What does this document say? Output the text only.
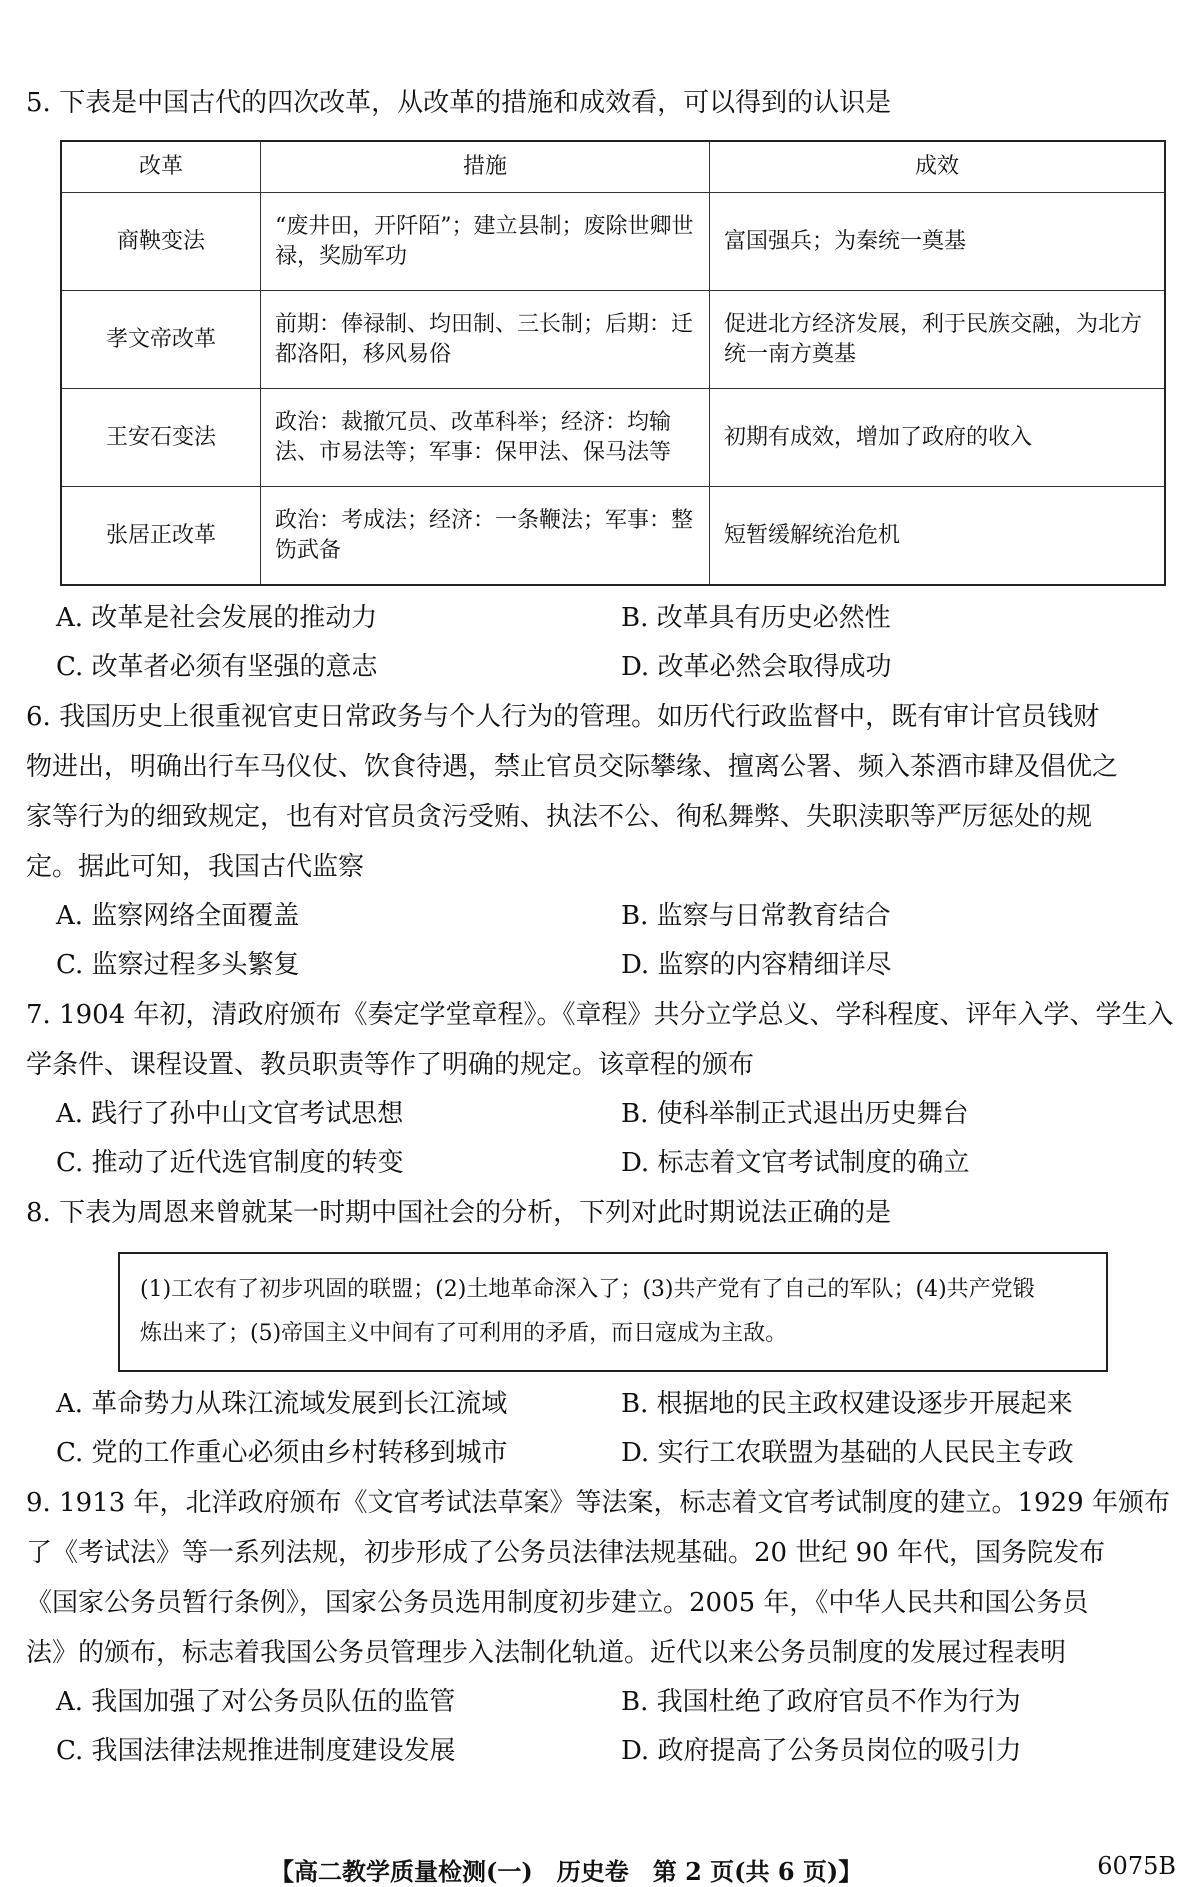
5. 下表是中国古代的四次改革，从改革的措施和成效看，可以得到的认识是

改革	措施	成效
商鞅变法	“废井田，开阡陌”；建立县制；废除世卿世禄，奖励军功	富国强兵；为秦统一奠基
孝文帝改革	前期：俸禄制、均田制、三长制；后期：迁都洛阳，移风易俗	促进北方经济发展，利于民族交融，为北方统一南方奠基
王安石变法	政治：裁撤冗员、改革科举；经济：均输法、市易法等；军事：保甲法、保马法等	初期有成效，增加了政府的收入
张居正改革	政治：考成法；经济：一条鞭法；军事：整饬武备	短暂缓解统治危机
A. 改革是社会发展的推动力	B. 改革具有历史必然性
C. 改革者必须有坚强的意志	D. 改革必然会取得成功

6. 我国历史上很重视官吏日常政务与个人行为的管理。如历代行政监督中，既有审计官员钱财

物进出，明确出行车马仪仗、饮食待遇，禁止官员交际攀缘、擅离公署、频入茶酒市肆及倡优之

家等行为的细致规定，也有对官员贪污受贿、执法不公、徇私舞弊、失职渎职等严厉惩处的规

定。据此可知，我国古代监察

A. 监察网络全面覆盖	B. 监察与日常教育结合
C. 监察过程多头繁复	D. 监察的内容精细详尽

7. 1904 年初，清政府颁布《奏定学堂章程》。《章程》共分立学总义、学科程度、评年入学、学生入

学条件、课程设置、教员职责等作了明确的规定。该章程的颁布

A. 践行了孙中山文官考试思想	B. 使科举制正式退出历史舞台
C. 推动了近代选官制度的转变	D. 标志着文官考试制度的确立

8. 下表为周恩来曾就某一时期中国社会的分析，下列对此时期说法正确的是

(1)工农有了初步巩固的联盟；(2)土地革命深入了；(3)共产党有了自己的军队；(4)共产党锻
炼出来了；(5)帝国主义中间有了可利用的矛盾，而日寇成为主敌。
A. 革命势力从珠江流域发展到长江流域	B. 根据地的民主政权建设逐步开展起来
C. 党的工作重心必须由乡村转移到城市	D. 实行工农联盟为基础的人民民主专政

9. 1913 年，北洋政府颁布《文官考试法草案》等法案，标志着文官考试制度的建立。1929 年颁布

了《考试法》等一系列法规，初步形成了公务员法律法规基础。20 世纪 90 年代，国务院发布

《国家公务员暂行条例》，国家公务员选用制度初步建立。2005 年，《中华人民共和国公务员

法》的颁布，标志着我国公务员管理步入法制化轨道。近代以来公务员制度的发展过程表明

A. 我国加强了对公务员队伍的监管	B. 我国杜绝了政府官员不作为行为
C. 我国法律法规推进制度建设发展	D. 政府提高了公务员岗位的吸引力
【高二教学质量检测(一)　历史卷　第 2 页(共 6 页)】	6075B
